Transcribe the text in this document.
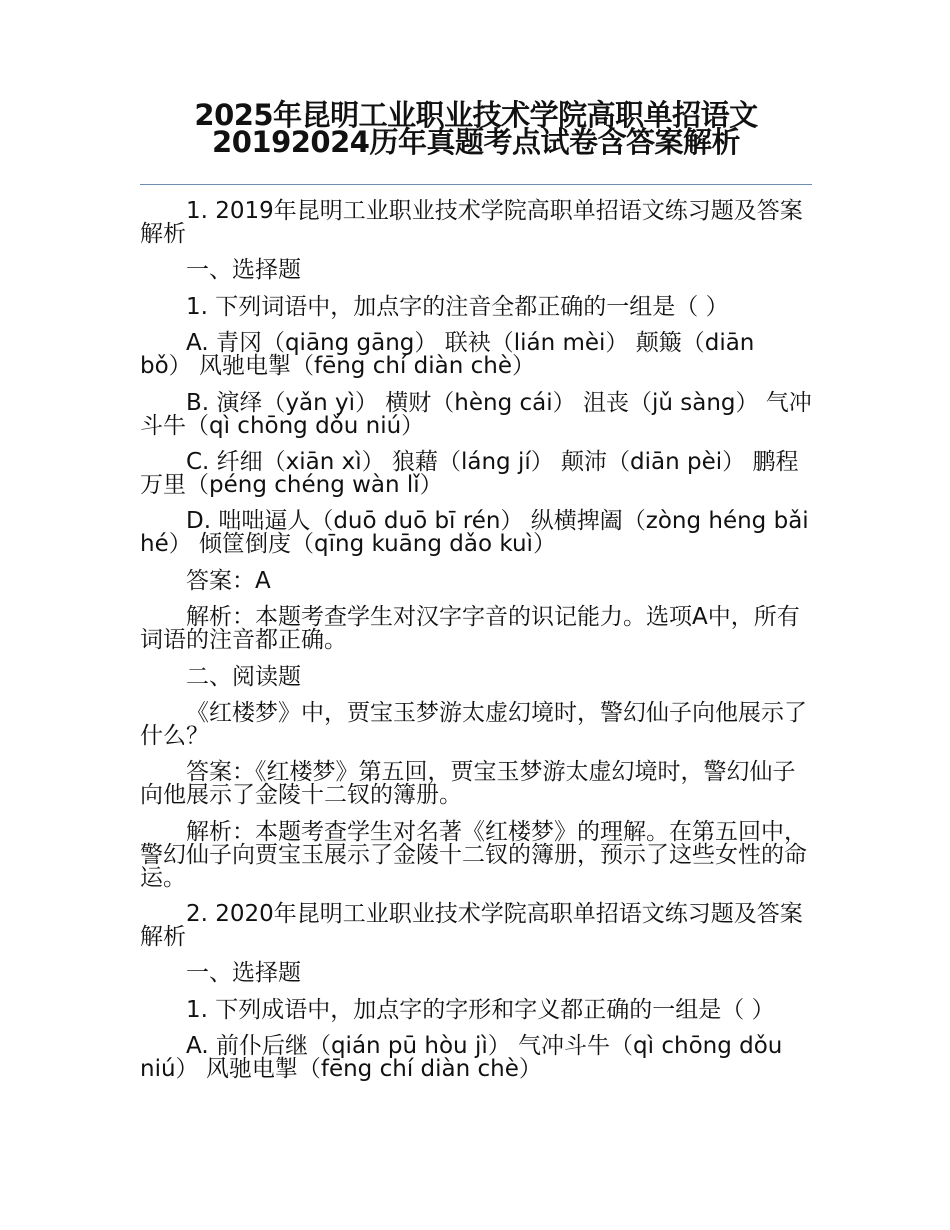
2025年昆明工业职业技术学院高职单招语文20192024历年真题考点试卷含答案解析

1. 2019年昆明工业职业技术学院高职单招语文练习题及答案解析

一、选择题

1. 下列词语中，加点字的注音全都正确的一组是（ ）

A. 青冈（qiāng gāng） 联袂（lián mèi） 颠簸（diān bǒ） 风驰电掣（fēng chí diàn chè）

B. 演绎（yǎn yì） 横财（hèng cái） 沮丧（jǔ sàng） 气冲斗牛（qì chōng dǒu niú）

C. 纤细（xiān xì） 狼藉（láng jí） 颠沛（diān pèi） 鹏程万里（péng chéng wàn lǐ）

D. 咄咄逼人（duō duō bī rén） 纵横捭阖（zòng héng bǎi hé） 倾筐倒庋（qīng kuāng dǎo kuì）

答案：A

解析：本题考查学生对汉字字音的识记能力。选项A中，所有词语的注音都正确。

二、阅读题

《红楼梦》中，贾宝玉梦游太虚幻境时，警幻仙子向他展示了什么？

答案：《红楼梦》第五回，贾宝玉梦游太虚幻境时，警幻仙子向他展示了金陵十二钗的簿册。

解析：本题考查学生对名著《红楼梦》的理解。在第五回中，警幻仙子向贾宝玉展示了金陵十二钗的簿册，预示了这些女性的命运。

2. 2020年昆明工业职业技术学院高职单招语文练习题及答案解析

一、选择题

1. 下列成语中，加点字的字形和字义都正确的一组是（ ）

A. 前仆后继（qián pū hòu jì） 气冲斗牛（qì chōng dǒu niú） 风驰电掣（fēng chí diàn chè）
